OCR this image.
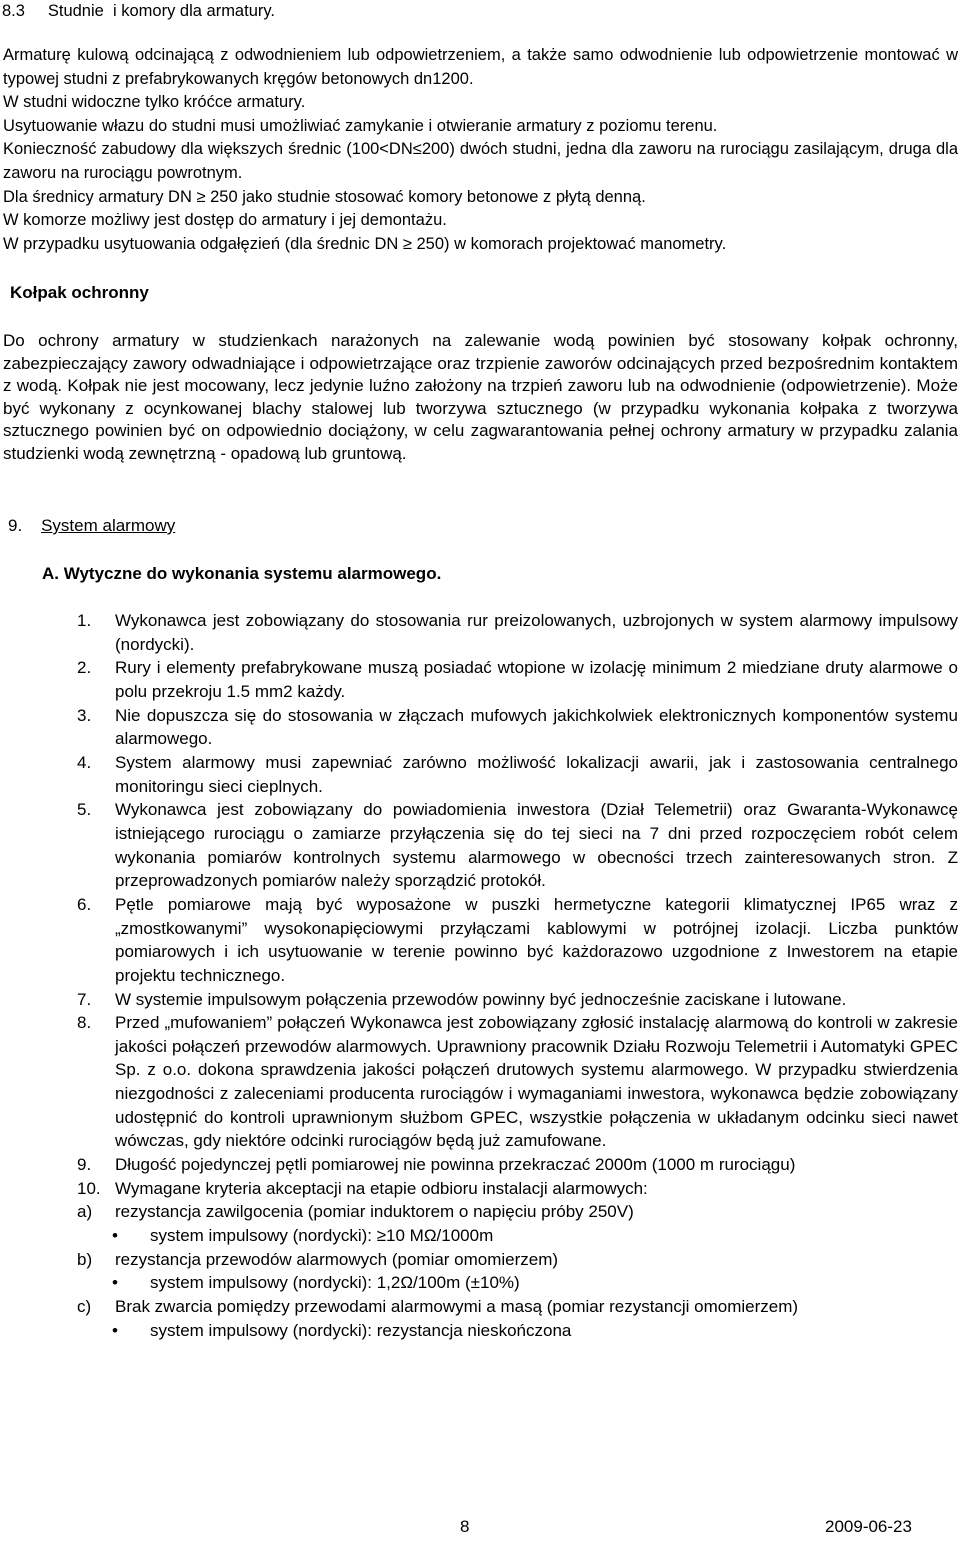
8.3     Studnie  i komory dla armatury.

Armaturę kulową odcinającą z odwodnieniem lub odpowietrzeniem, a także samo odwodnienie lub odpowietrzenie montować w typowej studni z prefabrykowanych kręgów betonowych dn1200.

W studni widoczne tylko króćce armatury.

Usytuowanie włazu do studni musi umożliwiać zamykanie i otwieranie armatury z poziomu terenu.

Konieczność zabudowy dla większych średnic (100<DN≤200) dwóch studni, jedna dla zaworu na rurociągu zasilającym, druga dla zaworu na rurociągu powrotnym.

Dla średnicy armatury DN ≥ 250 jako studnie stosować komory betonowe z płytą denną.

W komorze możliwy jest dostęp do armatury i jej demontażu.

W przypadku usytuowania odgałęzień (dla średnic DN ≥ 250) w komorach projektować manometry.

Kołpak ochronny
Do ochrony armatury w studzienkach narażonych na zalewanie wodą powinien być stosowany kołpak ochronny, zabezpieczający zawory odwadniające i odpowietrzające oraz trzpienie zaworów odcinających przed bezpośrednim kontaktem z wodą. Kołpak nie jest mocowany, lecz jedynie luźno założony na trzpień zaworu lub na odwodnienie (odpowietrzenie). Może być wykonany z ocynkowanej blachy stalowej lub tworzywa sztucznego (w przypadku wykonania kołpaka z tworzywa sztucznego powinien być on odpowiednio dociążony, w celu zagwarantowania pełnej ochrony armatury w przypadku zalania studzienki wodą zewnętrzną - opadową lub gruntową.
9. System alarmowy
A. Wytyczne do wykonania systemu alarmowego.
1. Wykonawca jest zobowiązany do stosowania rur preizolowanych, uzbrojonych w system alarmowy impulsowy (nordycki).
2. Rury i elementy prefabrykowane muszą posiadać wtopione w izolację minimum 2 miedziane druty alarmowe o polu przekroju 1.5 mm2 każdy.
3. Nie dopuszcza się do stosowania w złączach mufowych jakichkolwiek elektronicznych komponentów systemu alarmowego.
4. System alarmowy musi zapewniać zarówno możliwość lokalizacji awarii, jak i zastosowania centralnego monitoringu sieci cieplnych.
5. Wykonawca jest zobowiązany do powiadomienia inwestora (Dział Telemetrii) oraz Gwaranta-Wykonawcę istniejącego rurociągu o zamiarze przyłączenia się do tej sieci na 7 dni przed rozpoczęciem robót celem wykonania pomiarów kontrolnych systemu alarmowego w obecności trzech zainteresowanych stron. Z przeprowadzonych pomiarów należy sporządzić protokół.
6. Pętle pomiarowe mają być wyposażone w puszki hermetyczne kategorii klimatycznej IP65 wraz z „zmostkowanymi” wysokonapięciowymi przyłączami kablowymi w potrójnej izolacji. Liczba punktów pomiarowych i ich usytuowanie w terenie powinno być każdorazowo uzgodnione z Inwestorem na etapie projektu technicznego.
7. W systemie impulsowym połączenia przewodów powinny być jednocześnie zaciskane i lutowane.
8. Przed „mufowaniem” połączeń Wykonawca jest zobowiązany zgłosić instalację alarmową do kontroli w zakresie jakości połączeń przewodów alarmowych. Uprawniony pracownik Działu Rozwoju Telemetrii i Automatyki GPEC Sp. z o.o. dokona sprawdzenia jakości połączeń drutowych systemu alarmowego. W przypadku stwierdzenia niezgodności z zaleceniami producenta rurociągów i wymaganiami inwestora, wykonawca będzie zobowiązany udostępnić do kontroli uprawnionym służbom GPEC, wszystkie połączenia w układanym odcinku sieci nawet wówczas, gdy niektóre odcinki rurociągów będą już zamufowane.
9. Długość pojedynczej pętli pomiarowej nie powinna przekraczać 2000m (1000 m rurociągu)
10. Wymagane kryteria akceptacji na etapie odbioru instalacji alarmowych:
a) rezystancja zawilgocenia (pomiar induktorem o napięciu próby 250V)
• system impulsowy (nordycki): ≥10 MΩ/1000m
b) rezystancja przewodów alarmowych (pomiar omomierzem)
• system impulsowy (nordycki): 1,2Ω/100m (±10%)
c) Brak zwarcia pomiędzy przewodami alarmowymi a masą (pomiar rezystancji omomierzem)
• system impulsowy (nordycki): rezystancja nieskończona
8	2009-06-23
